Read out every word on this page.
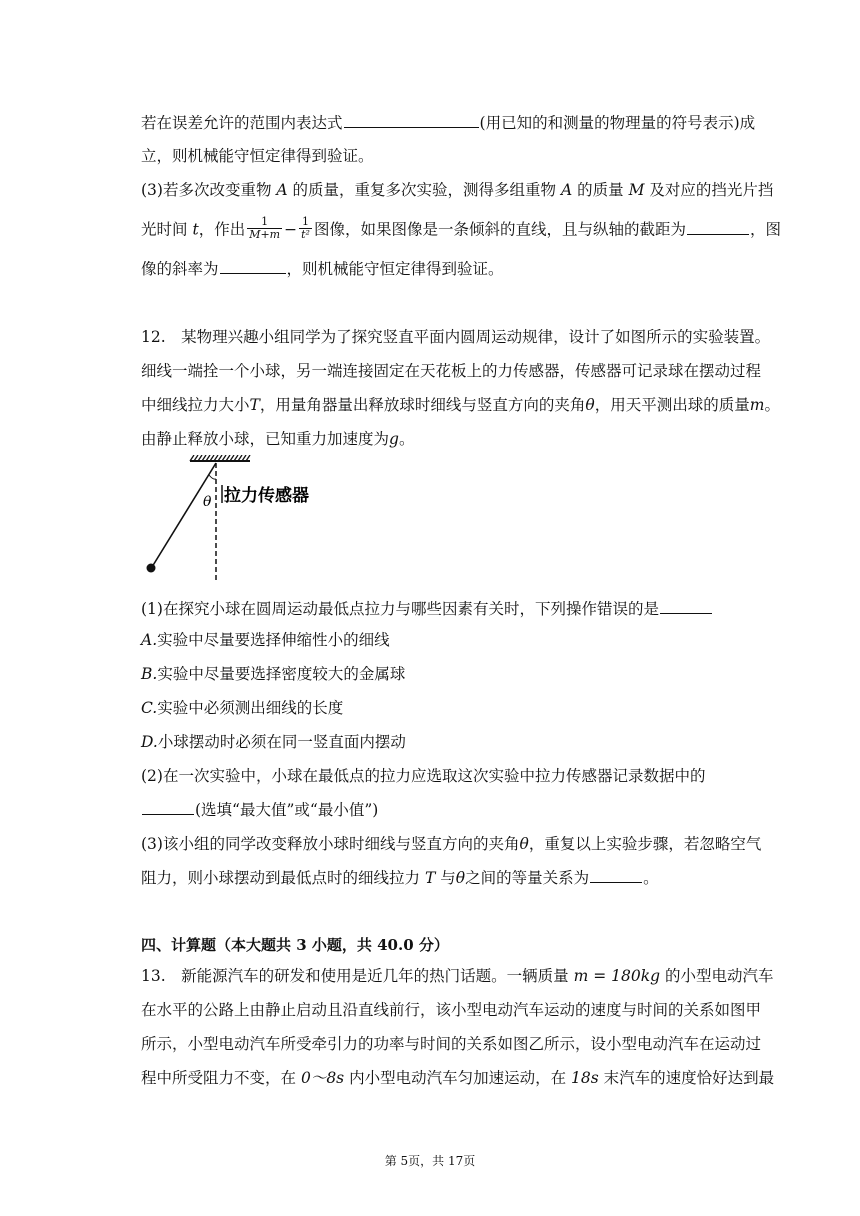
若在误差允许的范围内表达式	(用已知的和测量的物理量的符号表示)成
立，则机械能守恒定律得到验证。
(3)若多次改变重物 A 的质量，重复多次实验，测得多组重物 A 的质量 M 及对应的挡光片挡
光时间 t，作出 $\frac{1}{M+m} - \frac{1}{\text{t²}}$ 图像，如果图像是一条倾斜的直线，且与纵轴的截距为	，图
像的斜率为	，则机械能守恒定律得到验证。
12.　某物理兴趣小组同学为了探究竖直平面内圆周运动规律，设计了如图所示的实验装置。
细线一端拴一个小球，另一端连接固定在天花板上的力传感器，传感器可记录球在摆动过程
中细线拉力大小T，用量角器量出释放球时细线与竖直方向的夹角θ，用天平测出球的质量m。
由静止释放小球，已知重力加速度为g。
θ 拉力传感器
(1)在探究小球在圆周运动最低点拉力与哪些因素有关时，下列操作错误的是
A.实验中尽量要选择伸缩性小的细线
B.实验中尽量要选择密度较大的金属球
C.实验中必须测出细线的长度
D.小球摆动时必须在同一竖直面内摆动
(2)在一次实验中，小球在最低点的拉力应选取这次实验中拉力传感器记录数据中的
(选填“最大值”或“最小值”)
(3)该小组的同学改变释放小球时细线与竖直方向的夹角θ，重复以上实验步骤，若忽略空气
阻力，则小球摆动到最低点时的细线拉力 T 与θ之间的等量关系为	。
四、计算题（本大题共 3 小题，共 40.0 分）
13.　新能源汽车的研发和使用是近几年的热门话题。一辆质量 m = 180kg 的小型电动汽车
在水平的公路上由静止启动且沿直线前行，该小型电动汽车运动的速度与时间的关系如图甲
所示，小型电动汽车所受牵引力的功率与时间的关系如图乙所示，设小型电动汽车在运动过
程中所受阻力不变，在 0～8s 内小型电动汽车匀加速运动，在 18s 末汽车的速度恰好达到最
第 5页，共 17页
